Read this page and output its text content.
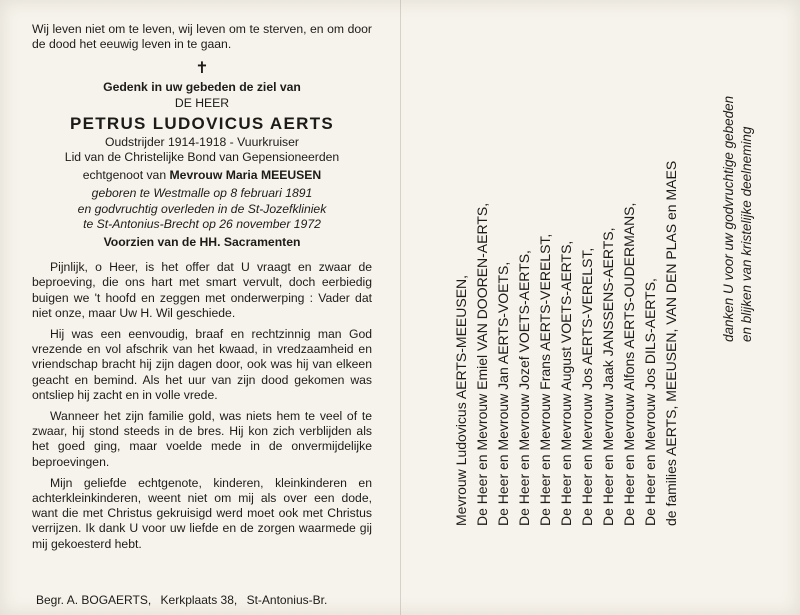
Wij leven niet om te leven, wij leven om te sterven, en om door de dood het eeuwig leven in te gaan.

✝

Gedenk in uw gebeden de ziel van

DE HEER

PETRUS LUDOVICUS AERTS

Oudstrijder 1914-1918 - Vuurkruiser

Lid van de Christelijke Bond van Gepensioneerden

echtgenoot van Mevrouw Maria MEEUSEN

geboren te Westmalle op 8 februari 1891

en godvruchtig overleden in de St-Jozefkliniek

te St-Antonius-Brecht op 26 november 1972

Voorzien van de HH. Sacramenten

Pijnlijk, o Heer, is het offer dat U vraagt en zwaar de beproeving, die ons hart met smart vervult, doch eerbiedig buigen we 't hoofd en zeggen met onderwerping : Vader dat niet onze, maar Uw H. Wil geschiede.

Hij was een eenvoudig, braaf en rechtzinnig man God vrezende en vol afschrik van het kwaad, in vredzaamheid en vriendschap bracht hij zijn dagen door, ook was hij van elkeen geacht en bemind. Als het uur van zijn dood gekomen was ontsliep hij zacht en in volle vrede.

Wanneer het zijn familie gold, was niets hem te veel of te zwaar, hij stond steeds in de bres. Hij kon zich verblijden als het goed ging, maar voelde mede in de onvermijdelijke beproevingen.

Mijn geliefde echtgenote, kinderen, kleinkinderen en achterkleinkinderen, weent niet om mij als over een dode, want die met Christus gekruisigd werd moet ook met Christus verrijzen. Ik dank U voor uw liefde en de zorgen waarmede gij mij gekoesterd hebt.

Begr. A. BOGAERTS, Kerkplaats 38, St-Antonius-Br.
Mevrouw Ludovicus AERTS-MEEUSEN, De Heer en Mevrouw Emiel VAN DOOREN-AERTS, De Heer en Mevrouw Jan AERTS-VOETS, De Heer en Mevrouw Jozef VOETS-AERTS, De Heer en Mevrouw Frans AERTS-VERELST, De Heer en Mevrouw August VOETS-AERTS, De Heer en Mevrouw Jos AERTS-VERELST, De Heer en Mevrouw Jaak JANSSENS-AERTS, De Heer en Mevrouw Alfons AERTS-OUDERMANS, De Heer en Mevrouw Jos DILS-AERTS, de families AERTS, MEEUSEN, VAN DEN PLAS en MAES	danken U voor uw godvruchtige gebeden en blijken van kristelijke deelneming
